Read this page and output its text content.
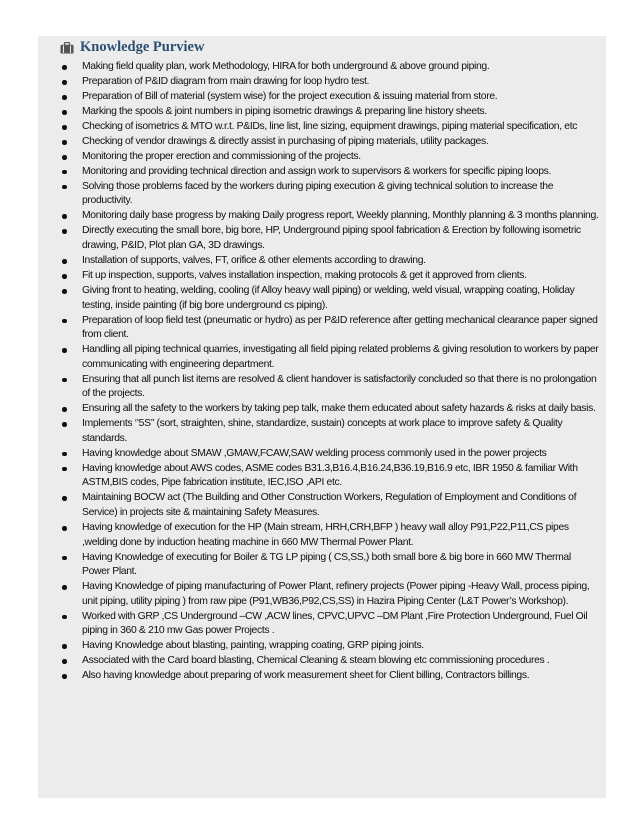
Knowledge Purview
Making field quality plan, work Methodology, HIRA for both underground & above ground piping.
Preparation of P&ID diagram from main drawing for loop hydro test.
Preparation of Bill of material (system wise) for the project execution & issuing material from store.
Marking the spools & joint numbers in piping isometric drawings & preparing line history sheets.
Checking of isometrics & MTO w.r.t. P&IDs, line list, line sizing, equipment drawings, piping material specification, etc
Checking of vendor drawings & directly assist in purchasing of piping materials, utility packages.
Monitoring the proper erection and commissioning of the projects.
Monitoring and providing technical direction and assign work to supervisors & workers for specific piping loops.
Solving those problems faced by the workers during piping execution & giving technical solution to increase the productivity.
Monitoring daily base progress by making Daily progress report, Weekly planning, Monthly planning & 3 months planning.
Directly executing the small bore, big bore, HP, Underground piping spool fabrication & Erection by following isometric drawing, P&ID, Plot plan GA, 3D drawings.
Installation of supports, valves, FT, orifice & other elements according to drawing.
Fit up inspection, supports, valves installation inspection, making protocols & get it approved from clients.
Giving front to heating, welding, cooling (if Alloy heavy wall piping) or welding, weld visual, wrapping coating, Holiday testing, inside painting (if big bore underground cs piping).
Preparation of loop field test (pneumatic or hydro) as per P&ID reference after getting mechanical clearance paper signed from client.
Handling all piping technical quarries, investigating all field piping related problems & giving resolution to workers by paper communicating with engineering department.
Ensuring that all punch list items are resolved & client handover is satisfactorily concluded so that there is no prolongation of the projects.
Ensuring all the safety to the workers by taking pep talk, make them educated about safety hazards & risks at daily basis.
Implements ‘’5S’’ (sort, straighten, shine, standardize, sustain) concepts at work place to improve safety & Quality standards.
Having knowledge about SMAW ,GMAW,FCAW,SAW welding process commonly used in the power projects
Having knowledge about AWS codes, ASME codes B31.3,B16.4,B16.24,B36.19,B16.9 etc, IBR 1950 & familiar With ASTM,BIS codes, Pipe fabrication institute, IEC,ISO ,API etc.
Maintaining BOCW act (The Building and Other Construction Workers, Regulation of Employment and Conditions of Service) in projects site & maintaining Safety Measures.
Having knowledge of execution for the HP (Main stream, HRH,CRH,BFP ) heavy wall alloy P91,P22,P11,CS pipes ,welding done by induction heating machine in 660 MW Thermal Power Plant.
Having Knowledge of executing for Boiler & TG LP piping ( CS,SS,) both small bore & big bore in 660 MW Thermal Power Plant.
Having Knowledge of piping manufacturing of Power Plant, refinery projects (Power piping -Heavy Wall, process piping, unit piping, utility piping ) from raw pipe (P91,WB36,P92,CS,SS) in Hazira Piping Center (L&T Power’s Workshop).
Worked with GRP ,CS Underground –CW ,ACW lines, CPVC,UPVC –DM Plant ,Fire Protection Underground, Fuel Oil piping in 360 & 210 mw Gas power Projects .
Having Knowledge about blasting, painting, wrapping coating, GRP piping joints.
Associated with the Card board blasting, Chemical Cleaning & steam blowing etc commissioning procedures .
Also having knowledge about preparing of work measurement sheet for Client billing, Contractors billings.
